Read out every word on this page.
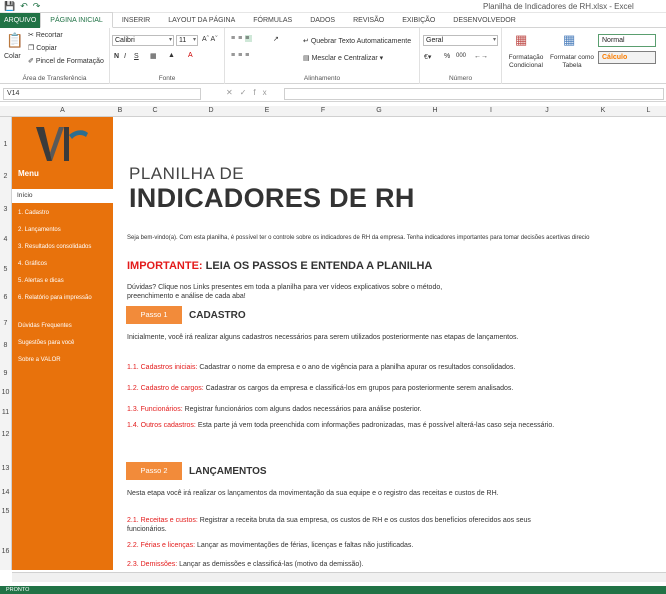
💾 ↶ ↷	Planilha de Indicadores de RH.xlsx - Excel
ARQUIVO	PÁGINA INICIAL	INSERIR	LAYOUT DA PÁGINA	FÓRMULAS	DADOS	REVISÃO	EXIBIÇÃO	DESENVOLVEDOR
📋
Colar
✂ Recortar
❐ Copiar
✐ Pincel de Formatação
Área de Transferência
Calibri	▾	11 ▾ Aˆ Aˇ
N I S ▦ ▲ A
Fonte
≡≡≡
≡≡≡
↗	↵ Quebrar Texto Automaticamente
▤ Mesclar e Centralizar ▾
Alinhamento
Geral	▾
€▾ % 000 ←→
Número
▦
Formatação Condicional
▦
Formatar como Tabela
Normal
Cálculo
V14	✕✓fx
A	B	C	D	E	F	G	H	I	J	K	L
1
2
3
4
5
6
7
8
9
10
11
12
13
14
15
16
Menu
Início
1. Cadastro
2. Lançamentos
3. Resultados consolidados
4. Gráficos
5. Alertas e dicas
6. Relatório para impressão
Dúvidas Frequentes
Sugestões para você
Sobre a VALOR
PLANILHA DE
INDICADORES DE RH
Seja bem-vindo(a). Com esta planilha, é possível ter o controle sobre os indicadores de RH da empresa. Tenha indicadores importantes para tomar decisões acertivas direcio
IMPORTANTE: LEIA OS PASSOS E ENTENDA A PLANILHA
Dúvidas? Clique nos Links presentes em toda a planilha para ver vídeos explicativos sobre o método, preenchimento e análise de cada aba!
Passo 1	CADASTRO
Inicialmente, você irá realizar alguns cadastros necessários para serem utilizados posteriormente nas etapas de lançamentos.
1.1. Cadastros iniciais: Cadastrar o nome da empresa e o ano de vigência para a planilha apurar os resultados consolidados.
1.2. Cadastro de cargos: Cadastrar os cargos da empresa e classificá-los em grupos para posteriormente serem analisados.
1.3. Funcionários: Registrar funcionários com alguns dados necessários para análise posterior.
1.4. Outros cadastros: Esta parte já vem toda preenchida com informações padronizadas, mas é possível alterá-las caso seja necessário.
Passo 2	LANÇAMENTOS
Nesta etapa você irá realizar os lançamentos da movimentação da sua equipe e o registro das receitas e custos de RH.
2.1. Receitas e custos: Registrar a receita bruta da sua empresa, os custos de RH e os custos dos benefícios oferecidos aos seus funcionários.
2.2. Férias e licenças: Lançar as movimentações de férias, licenças e faltas não justificadas.
2.3. Demissões: Lançar as demissões e classificá-las (motivo da demissão).
PRONTO
